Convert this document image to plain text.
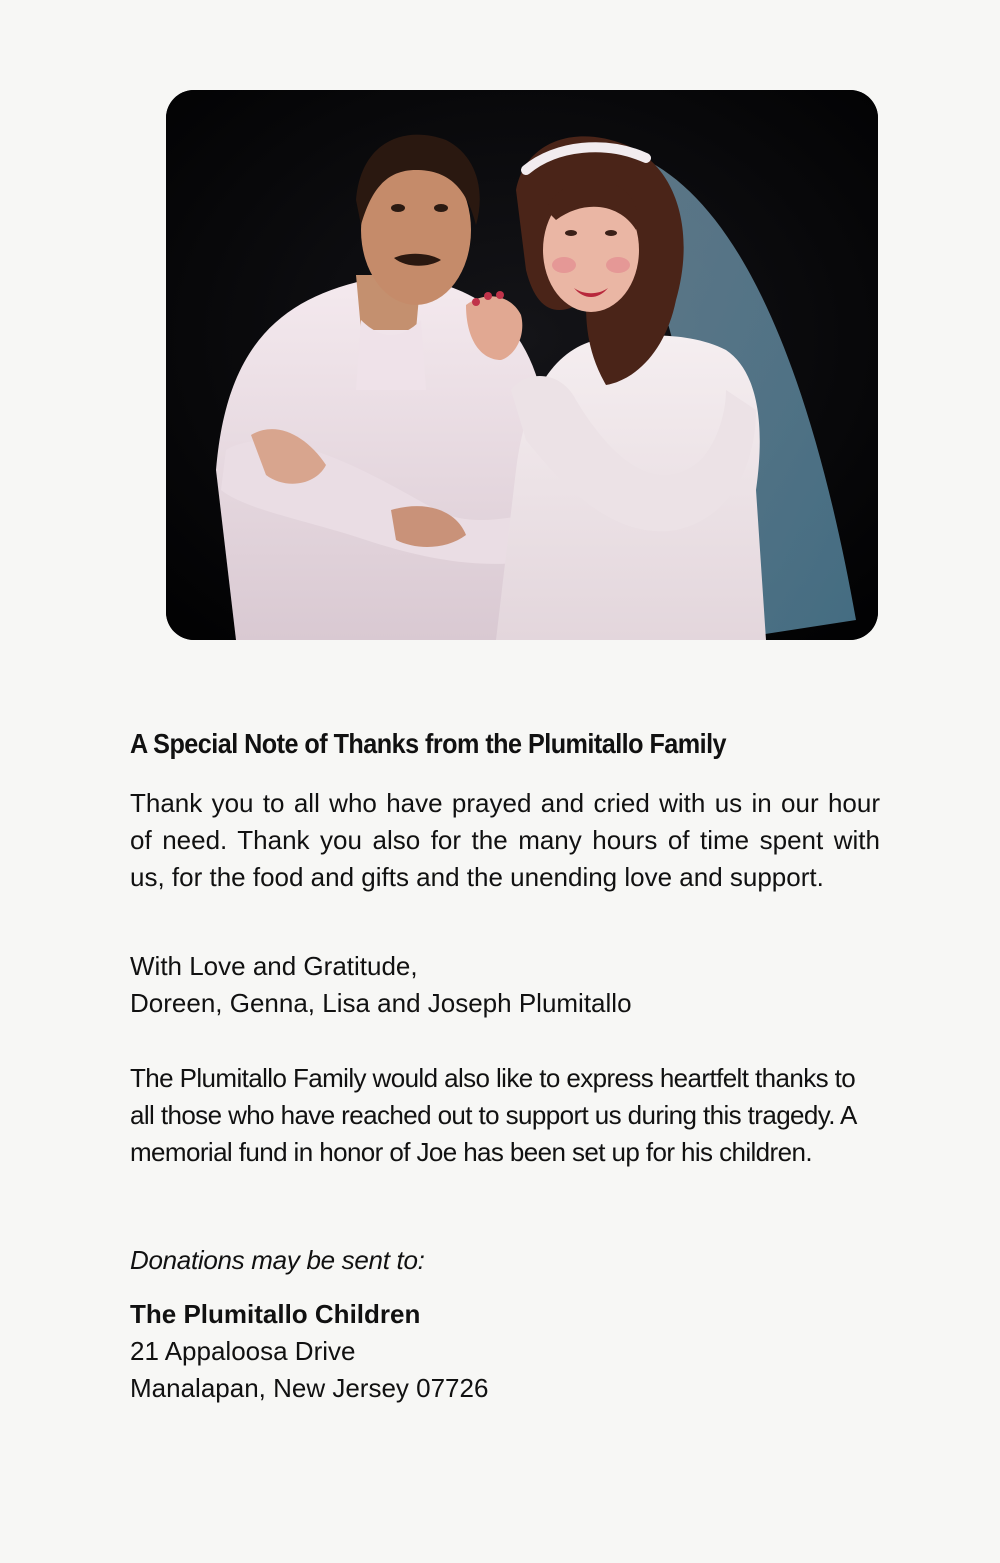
A Special Note of Thanks from the Plumitallo Family

Thank you to all who have prayed and cried with us in our hour of need. Thank you also for the many hours of time spent with us, for the food and gifts and the unending love and support.

With Love and Gratitude,
Doreen, Genna, Lisa and Joseph Plumitallo

The Plumitallo Family would also like to express heartfelt thanks to all those who have reached out to support us during this tragedy. A memorial fund in honor of Joe has been set up for his children.

Donations may be sent to:

The Plumitallo Children
21 Appaloosa Drive
Manalapan, New Jersey 07726
